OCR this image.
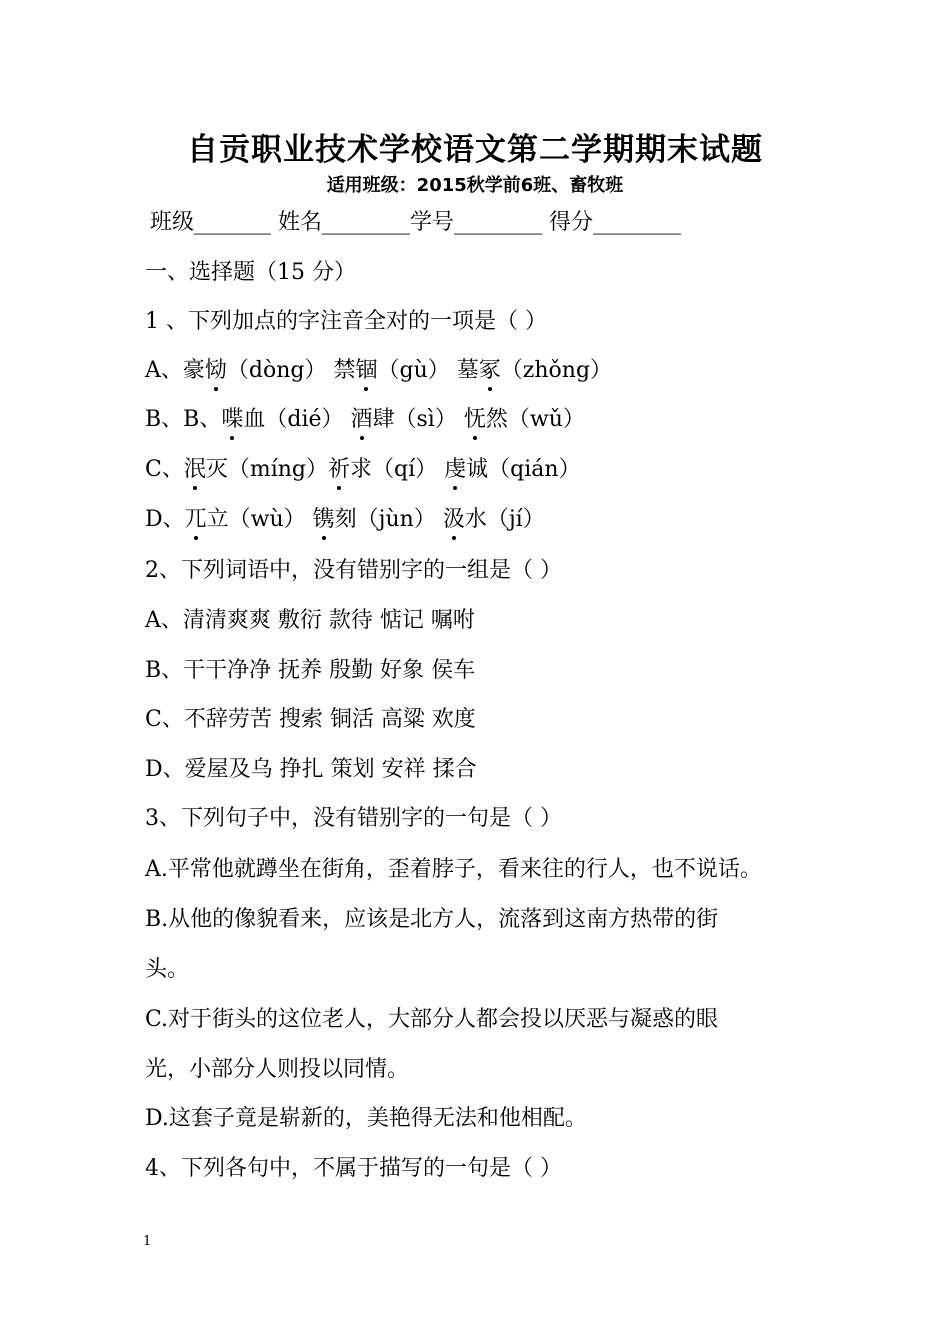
自贡职业技术学校语文第二学期期末试题
适用班级：2015秋学前6班、畜牧班
班级_______ 姓名________学号________ 得分________
一、选择题（15 分）
1 、下列加点的字注音全对的一项是（ ）
A、豪恸（dòng） 禁锢（gù） 墓冢（zhǒng）
B、B、喋血（dié） 酒肆（sì） 怃然（wǔ）
C、泯灭（míng）祈求（qí） 虔诚（qián）
D、兀立（wù） 镌刻（jùn） 汲水（jí）
2、下列词语中，没有错别字的一组是（ ）
A、清清爽爽 敷衍 款待 惦记 嘱咐
B、干干净净 抚养 殷勤 好象 侯车
C、不辞劳苦 搜索 铜活 高粱 欢度
D、爱屋及乌 挣扎 策划 安祥 揉合
3、下列句子中，没有错别字的一句是（ ）
A.平常他就蹲坐在街角，歪着脖子，看来往的行人，也不说话。
B.从他的像貌看来，应该是北方人，流落到这南方热带的街
头。
C.对于街头的这位老人，大部分人都会投以厌恶与凝惑的眼
光，小部分人则投以同情。
D.这套子竟是崭新的，美艳得无法和他相配。
4、下列各句中，不属于描写的一句是（ ）
1
